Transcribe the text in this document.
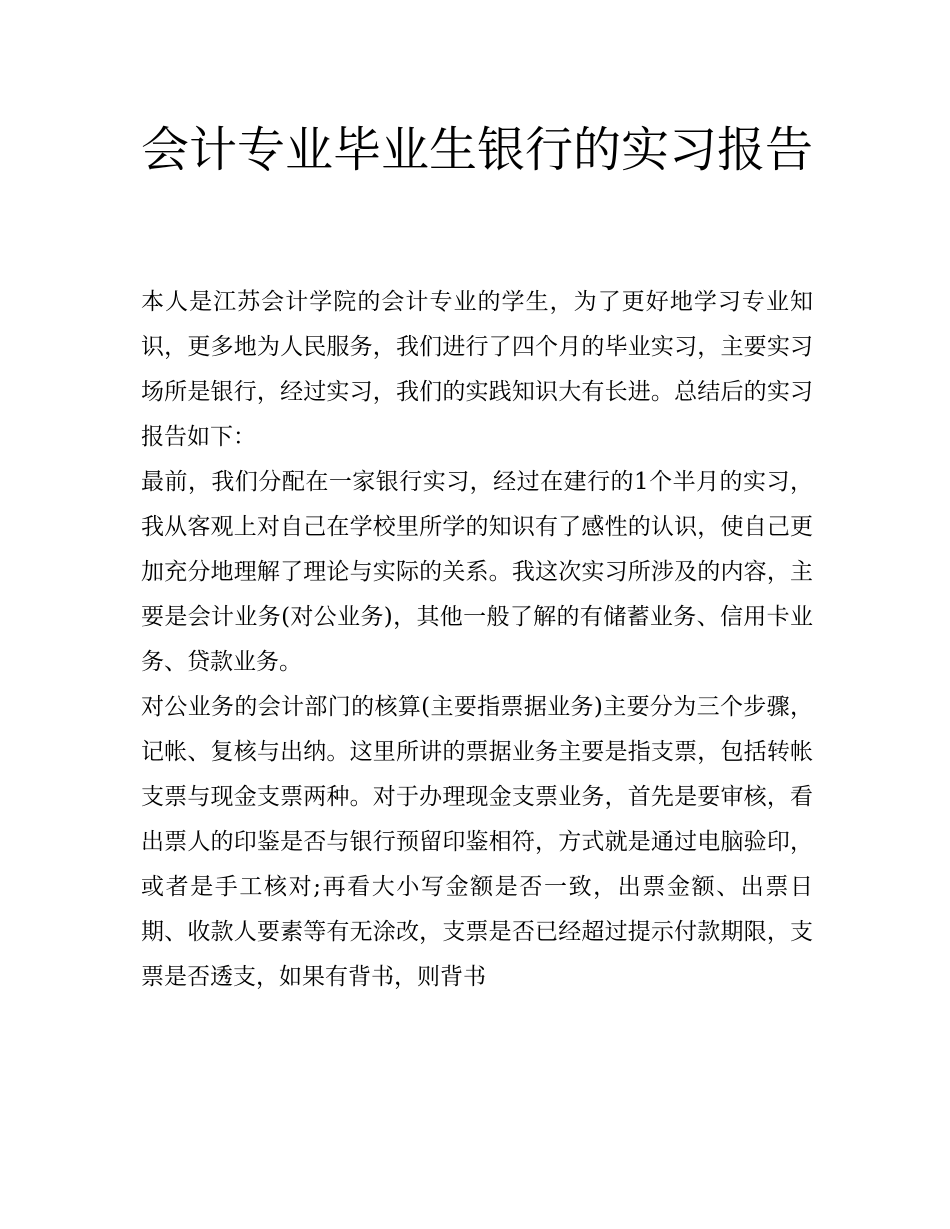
会计专业毕业生银行的实习报告

本人是江苏会计学院的会计专业的学生，为了更好地学习专业知识，更多地为人民服务，我们进行了四个月的毕业实习，主要实习场所是银行，经过实习，我们的实践知识大有长进。总结后的实习报告如下：

最前，我们分配在一家银行实习，经过在建行的1个半月的实习，我从客观上对自己在学校里所学的知识有了感性的认识，使自己更加充分地理解了理论与实际的关系。我这次实习所涉及的内容，主要是会计业务(对公业务)，其他一般了解的有储蓄业务、信用卡业务、贷款业务。

对公业务的会计部门的核算(主要指票据业务)主要分为三个步骤，记帐、复核与出纳。这里所讲的票据业务主要是指支票，包括转帐支票与现金支票两种。对于办理现金支票业务，首先是要审核，看出票人的印鉴是否与银行预留印鉴相符，方式就是通过电脑验印，或者是手工核对;再看大小写金额是否一致，出票金额、出票日期、收款人要素等有无涂改，支票是否已经超过提示付款期限，支票是否透支，如果有背书，则背书
